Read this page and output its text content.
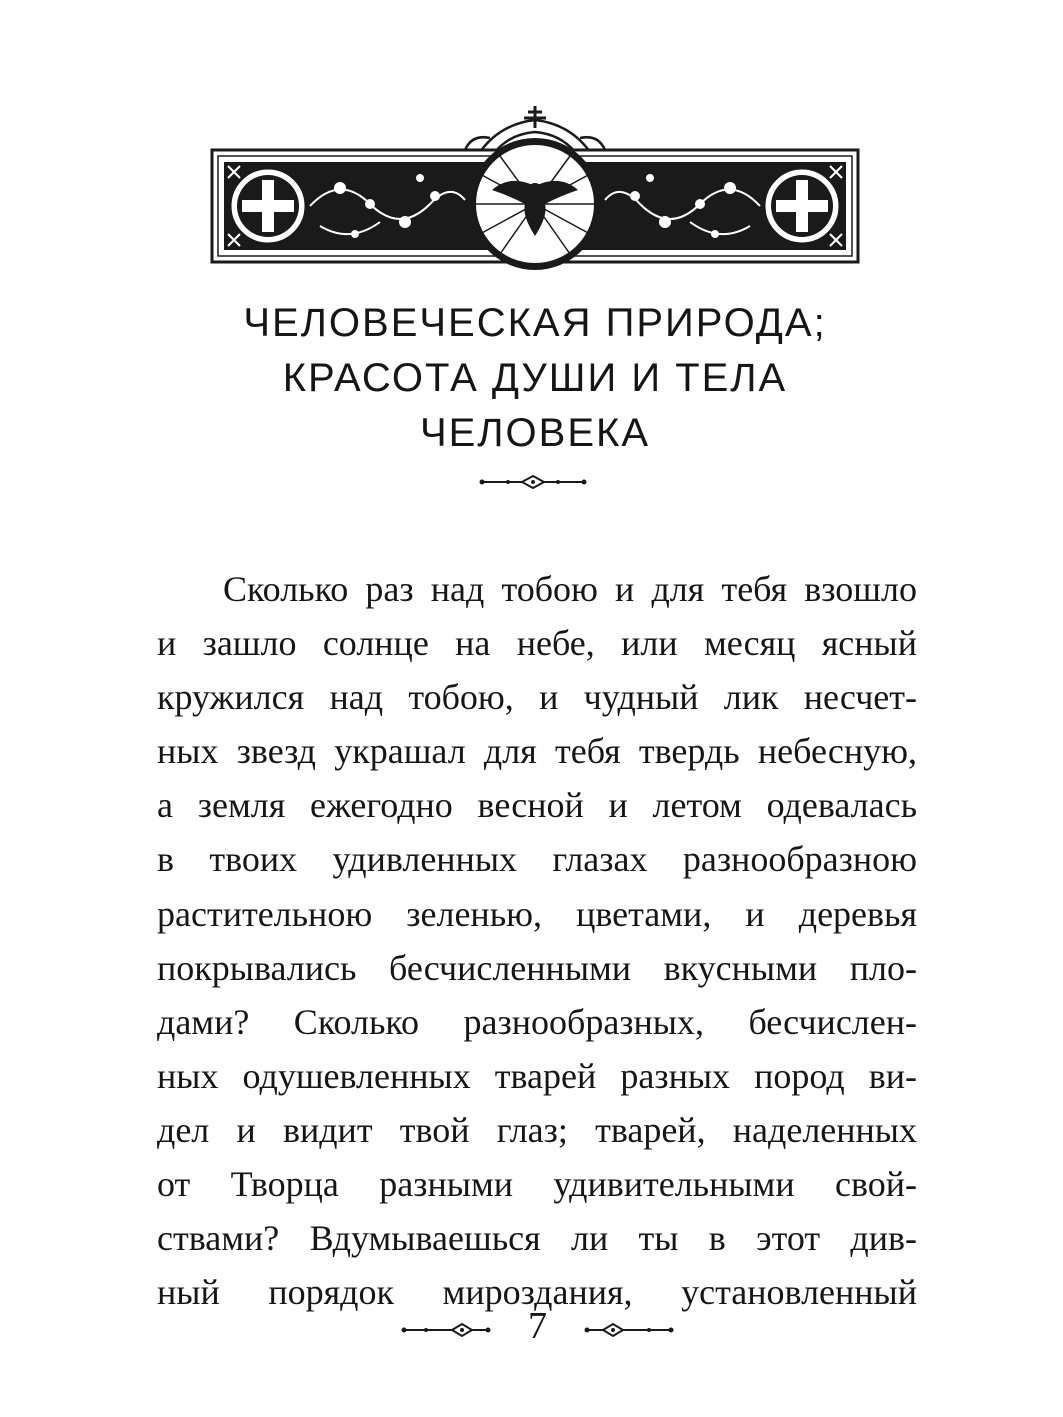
ЧЕЛОВЕЧЕСКАЯ ПРИРОДА;
КРАСОТА ДУШИ И ТЕЛА
ЧЕЛОВЕКА

Сколько раз над тобою и для тебя взошло
и зашло солнце на небе, или месяц ясный
кружился над тобою, и чудный лик несчет-
ных звезд украшал для тебя твердь небесную,
а земля ежегодно весной и летом одевалась
в твоих удивленных глазах разнообразною
растительною зеленью, цветами, и деревья
покрывались бесчисленными вкусными пло-
дами? Сколько разнообразных, бесчислен-
ных одушевленных тварей разных пород ви-
дел и видит твой глаз; тварей, наделенных
от Творца разными удивительными свой-
ствами? Вдумываешься ли ты в этот див-
ный порядок мироздания, установленный

7
